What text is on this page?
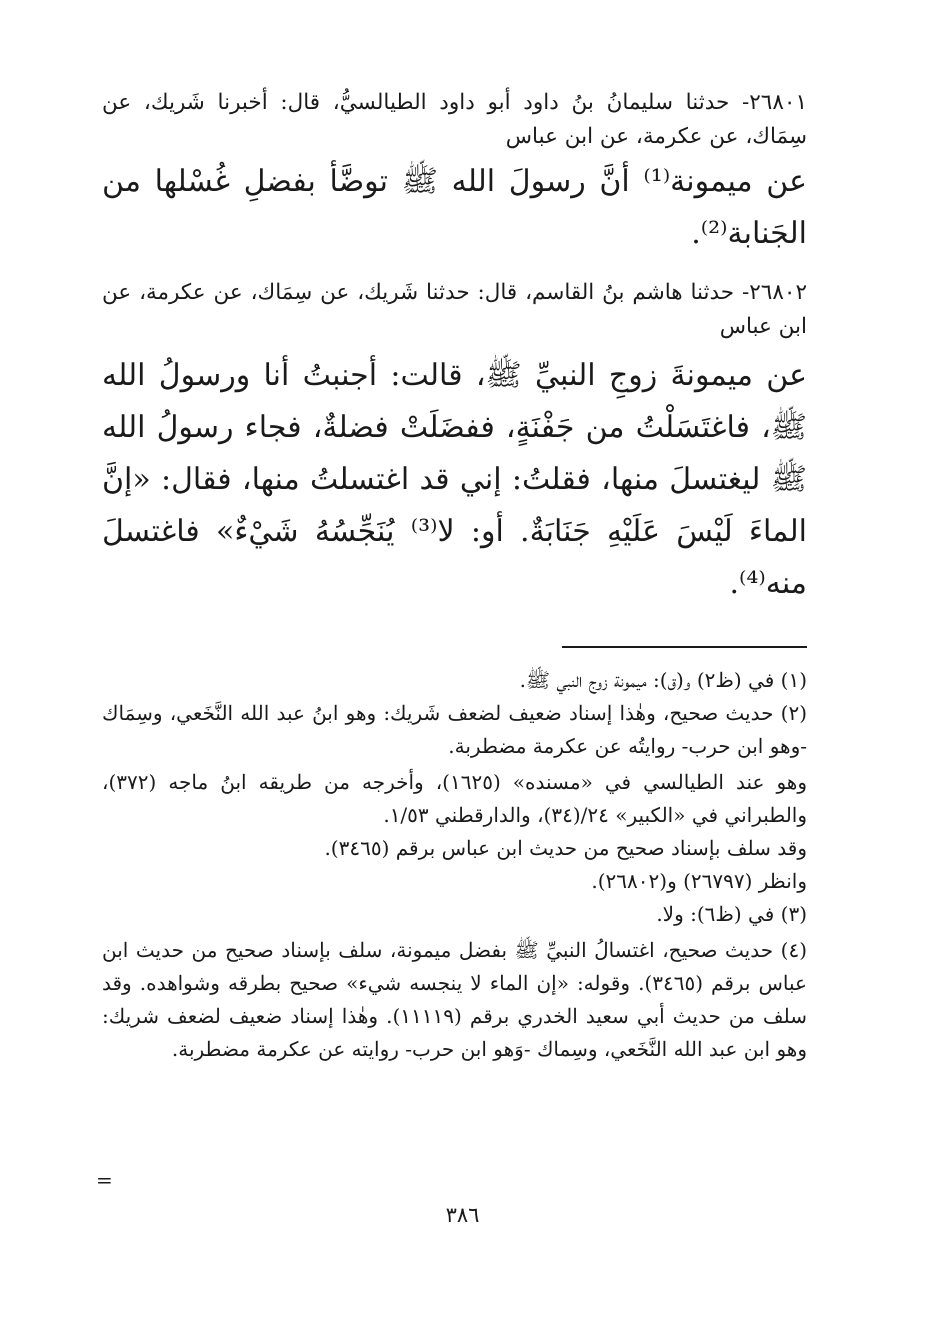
٢٦٨٠١- حدثنا سليمانُ بنُ داود أبو داود الطيالسيُّ، قال: أخبرنا شَريك، عن سِمَاك، عن عكرمة، عن ابن عباس

عن ميمونة⁽¹⁾ أنَّ رسولَ الله ﷺ توضَّأ بفضلِ غُسْلها من الجَنابة⁽²⁾.

٢٦٨٠٢- حدثنا هاشم بنُ القاسم، قال: حدثنا شَريك، عن سِمَاك، عن عكرمة، عن ابن عباس

عن ميمونةَ زوجِ النبيِّ ﷺ، قالت: أجنبتُ أنا ورسولُ الله ﷺ، فاغتَسَلْتُ من جَفْنَةٍ، ففضَلَتْ فضلةٌ، فجاء رسولُ الله ﷺ ليغتسلَ منها، فقلتُ: إني قد اغتسلتُ منها، فقال: «إنَّ الماءَ لَيْسَ عَلَيْهِ جَنَابَةٌ. أو: لا⁽³⁾ يُنَجِّسُهُ شَيْءٌ» فاغتسلَ منه⁽⁴⁾.

(١) في (ظ٢) و(ق): ميمونة زوج النبي ﷺ.

(٢) حديث صحيح، وهٰذا إسناد ضعيف لضعف شَريك: وهو ابنُ عبد الله النَّخَعي، وسِمَاك -وهو ابن حرب- روايتُه عن عكرمة مضطربة.

وهو عند الطيالسي في «مسنده» (١٦٢٥)، وأخرجه من طريقه ابنُ ماجه (٣٧٢)، والطبراني في «الكبير» ٢٤/(٣٤)، والدارقطني ١/٥٣.

وقد سلف بإسناد صحيح من حديث ابن عباس برقم (٣٤٦٥).

وانظر (٢٦٧٩٧) و(٢٦٨٠٢).

(٣) في (ظ٦): ولا.

(٤) حديث صحيح، اغتسالُ النبيِّ ﷺ بفضل ميمونة، سلف بإسناد صحيح من حديث ابن عباس برقم (٣٤٦٥). وقوله: «إن الماء لا ينجسه شيء» صحيح بطرقه وشواهده. وقد سلف من حديث أبي سعيد الخدري برقم (١١١١٩). وهٰذا إسناد ضعيف لضعف شريك: وهو ابن عبد الله النَّخَعي، وسِماك -وَهو ابن حرب- روايته عن عكرمة مضطربة.

=
٣٨٦
